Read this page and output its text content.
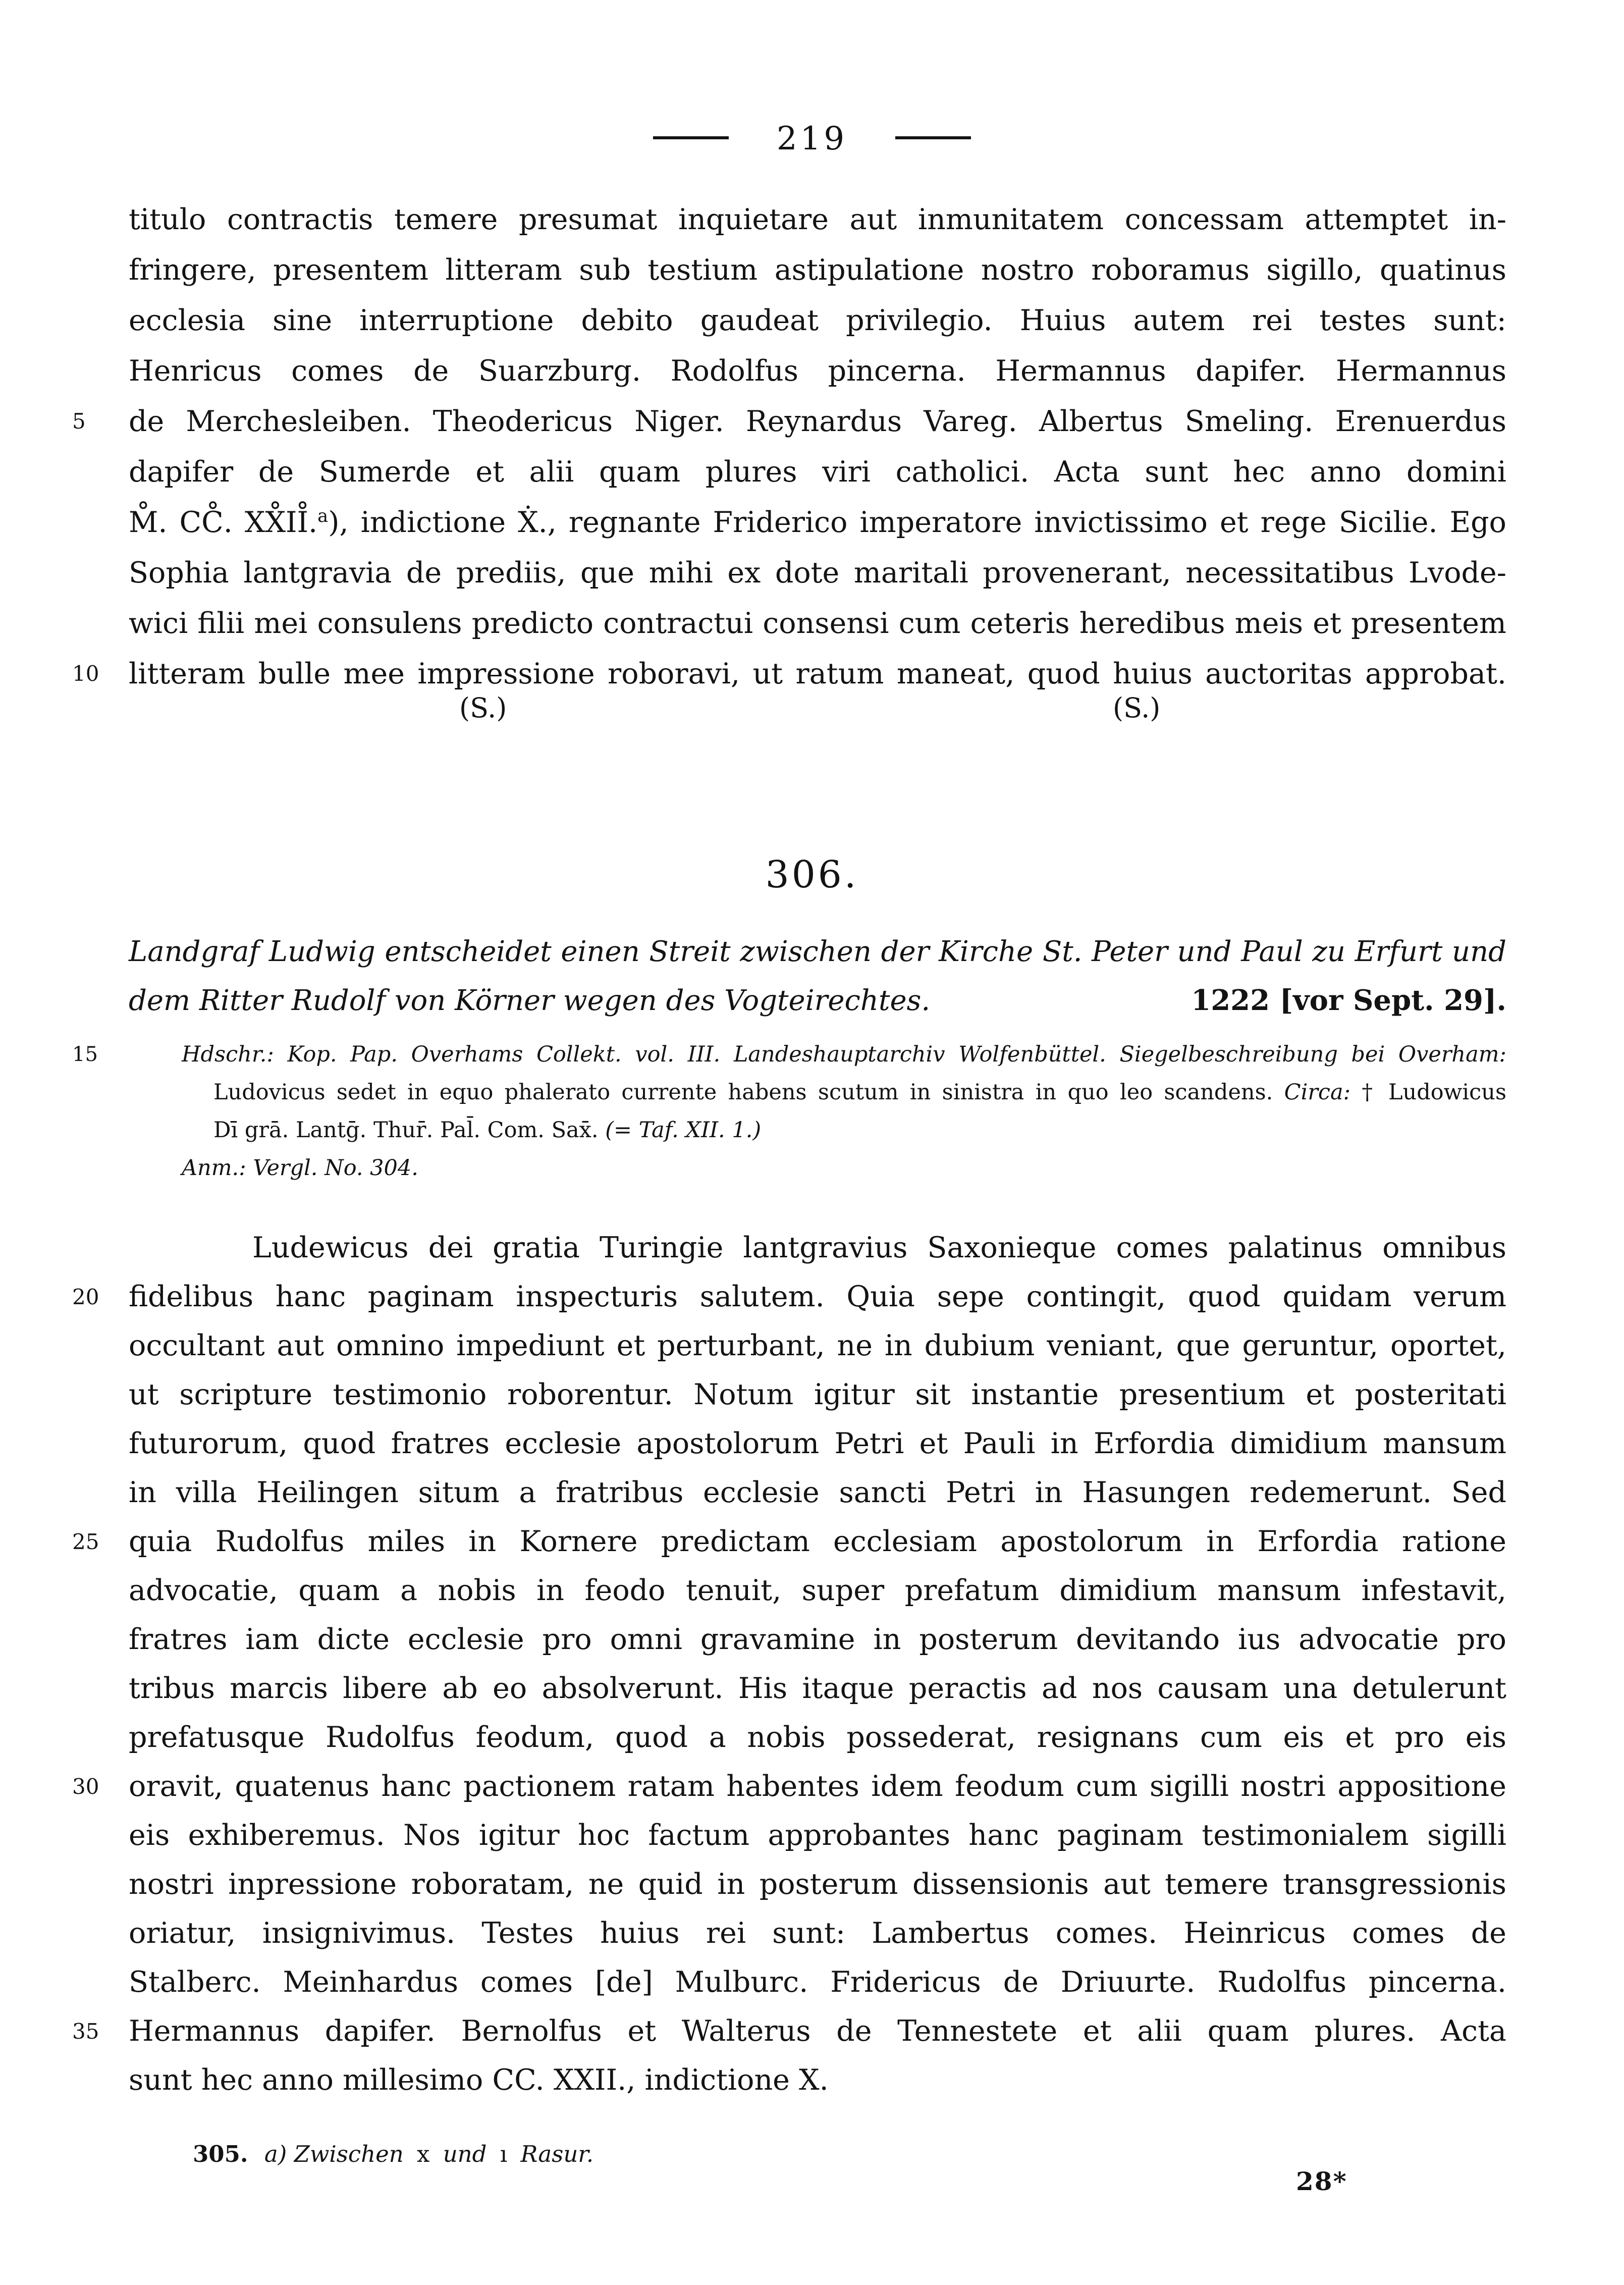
219
titulo contractis temere presumat inquietare aut inmunitatem concessam attemptet in-
fringere, presentem litteram sub testium astipulatione nostro roboramus sigillo, quatinus
ecclesia sine interruptione debito gaudeat privilegio. Huius autem rei testes sunt:
Henricus comes de Suarzburg. Rodolfus pincerna. Hermannus dapifer. Hermannus
5	de Merchesleiben. Theodericus Niger. Reynardus Vareg. Albertus Smeling. Erenuerdus
dapifer de Sumerde et alii quam plures viri catholici. Acta sunt hec anno domini
M̊. CC̊. XX̊II̊.$^a$), indictione Ẋ., regnante Friderico imperatore invictissimo et rege Sicilie. Ego
Sophia lantgravia de prediis, que mihi ex dote maritali provenerant, necessitatibus Lvode-
wici filii mei consulens predicto contractui consensi cum ceteris heredibus meis et presentem
10	litteram bulle mee impressione roboravi, ut ratum maneat, quod huius auctoritas approbat.
(S.)	(S.)
306.
Landgraf Ludwig entscheidet einen Streit zwischen der Kirche St. Peter und Paul zu Erfurt und
dem Ritter Rudolf von Körner wegen des Vogteirechtes.	1222 [vor Sept. 29].
15	Hdschr.: Kop. Pap. Overhams Collekt. vol. III. Landeshauptarchiv Wolfenbüttel. Siegelbeschreibung bei Overham:
Ludovicus sedet in equo phalerato currente habens scutum in sinistra in quo leo scandens. Circa: † Ludowicus
Dī grā. Lantḡ. Thur̄. Pal̄. Com. Sax̄. (= Taf. XII. 1.)
Anm.: Vergl. No. 304.
Ludewicus dei gratia Turingie lantgravius Saxonieque comes palatinus omnibus
20	fidelibus hanc paginam inspecturis salutem. Quia sepe contingit, quod quidam verum
occultant aut omnino impediunt et perturbant, ne in dubium veniant, que geruntur, oportet,
ut scripture testimonio roborentur. Notum igitur sit instantie presentium et posteritati
futurorum, quod fratres ecclesie apostolorum Petri et Pauli in Erfordia dimidium mansum
in villa Heilingen situm a fratribus ecclesie sancti Petri in Hasungen redemerunt. Sed
25	quia Rudolfus miles in Kornere predictam ecclesiam apostolorum in Erfordia ratione
advocatie, quam a nobis in feodo tenuit, super prefatum dimidium mansum infestavit,
fratres iam dicte ecclesie pro omni gravamine in posterum devitando ius advocatie pro
tribus marcis libere ab eo absolverunt. His itaque peractis ad nos causam una detulerunt
prefatusque Rudolfus feodum, quod a nobis possederat, resignans cum eis et pro eis
30	oravit, quatenus hanc pactionem ratam habentes idem feodum cum sigilli nostri appositione
eis exhiberemus. Nos igitur hoc factum approbantes hanc paginam testimonialem sigilli
nostri inpressione roboratam, ne quid in posterum dissensionis aut temere transgressionis
oriatur, insignivimus. Testes huius rei sunt: Lambertus comes. Heinricus comes de
Stalberc. Meinhardus comes [de] Mulburc. Fridericus de Driuurte. Rudolfus pincerna.
35	Hermannus dapifer. Bernolfus et Walterus de Tennestete et alii quam plures. Acta
sunt hec anno millesimo CC. XXII., indictione X.
305. a) Zwischen x und ı Rasur.
28*
